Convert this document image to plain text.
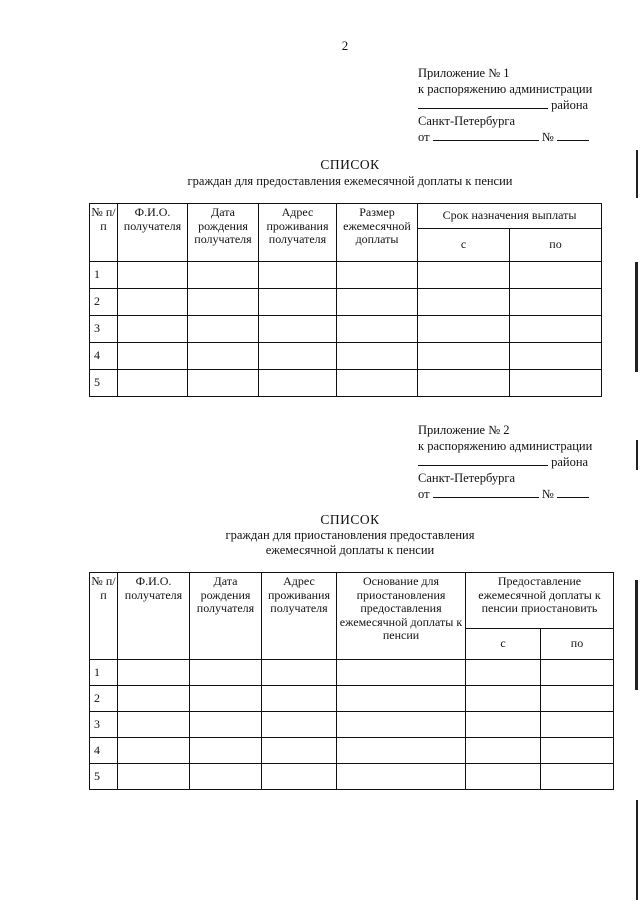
2
Приложение № 1
к распоряжению администрации
района
Санкт-Петербурга
от	№
СПИСОК
граждан для предоставления ежемесячной доплаты к пенсии
№ п/п	Ф.И.О. получателя	Дата рождения получателя	Адрес проживания получателя	Размер ежемесячной доплаты	Срок назначения выплаты	
					с	по
1						
2						
3						
4						
5						
Приложение № 2
к распоряжению администрации
района
Санкт-Петербурга
от	№
СПИСОК
граждан для приостановления предоставления
ежемесячной доплаты к пенсии
№ п/п	Ф.И.О. получателя	Дата рождения получателя	Адрес проживания получателя	Основание для приостановления предоставления ежемесячной доплаты к пенсии	Предоставление ежемесячной доплаты к пенсии приостановить	
					с	по
1						
2						
3						
4						
5						
